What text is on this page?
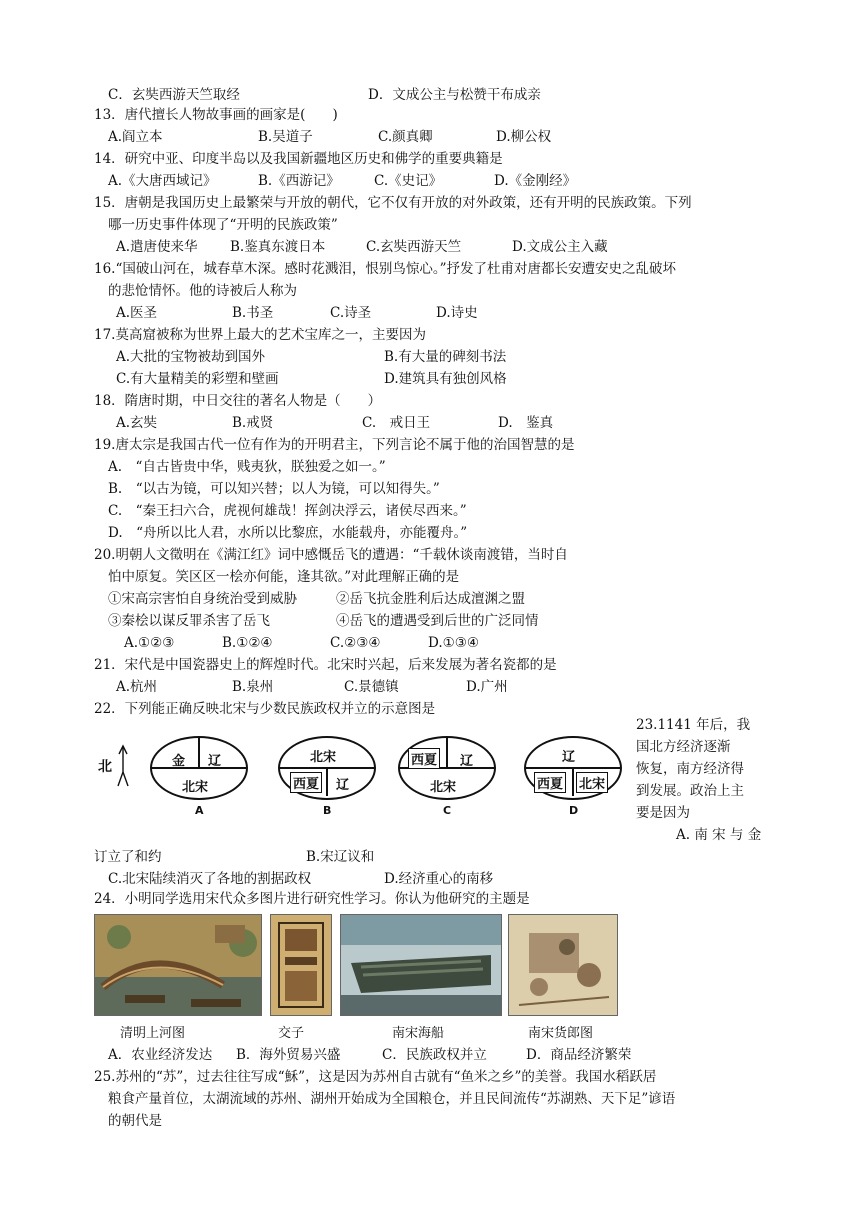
C．玄奘西游天竺取经	D．文成公主与松赞干布成亲
13．唐代擅长人物故事画的画家是(　　)
A.阎立本	B.吴道子	C.颜真卿	D.柳公权
14．研究中亚、印度半岛以及我国新疆地区历史和佛学的重要典籍是
A.《大唐西域记》	B.《西游记》	C.《史记》	D.《金刚经》
15．唐朝是我国历史上最繁荣与开放的朝代，它不仅有开放的对外政策，还有开明的民族政策。下列
哪一历史事件体现了“开明的民族政策”
A.遣唐使来华 B.鉴真东渡日本	C.玄奘西游天竺	D.文成公主入藏
16.“国破山河在，城春草木深。感时花溅泪，恨别鸟惊心。”抒发了杜甫对唐都长安遭安史之乱破坏
的悲怆情怀。他的诗被后人称为
A.医圣	B.书圣	C.诗圣	D.诗史
17.莫高窟被称为世界上最大的艺术宝库之一，主要因为
A.大批的宝物被劫到国外	B.有大量的碑刻书法
C.有大量精美的彩塑和壁画	D.建筑具有独创风格
18．隋唐时期，中日交往的著名人物是（　　）
A.玄奘	B.戒贤	C.　戒日王	D.　鉴真
19.唐太宗是我国古代一位有作为的开明君主，下列言论不属于他的治国智慧的是
A.　“自古皆贵中华，贱夷狄，朕独爱之如一。”
B.　“以古为镜，可以知兴替；以人为镜，可以知得失。”
C.　“秦王扫六合，虎视何雄哉！挥剑决浮云，诸侯尽西来。”
D.　“舟所以比人君，水所以比黎庶，水能载舟，亦能覆舟。”
20.明朝人文徵明在《满江红》词中感慨岳飞的遭遇：“千载休谈南渡错，当时自
怕中原复。笑区区一桧亦何能，逢其欲。”对此理解正确的是
①宋高宗害怕自身统治受到威胁	②岳飞抗金胜利后达成澶渊之盟
③秦桧以谋反罪杀害了岳飞	④岳飞的遭遇受到后世的广泛同情
A.①②③	B.①②④	C.②③④	D.①③④
21．宋代是中国瓷器史上的辉煌时代。北宋时兴起，后来发展为著名瓷都的是
A.杭州	B.泉州	C.景德镇	D.广州
22．下列能正确反映北宋与少数民族政权并立的示意图是
北	金 辽
北宋
A
北宋
西夏 辽
B
西夏 辽
北宋
C
辽
西夏 北宋
D
23.1141 年后，我
国北方经济逐渐
恢复，南方经济得
到发展。政治上主
要是因为
A. 南 宋 与 金
订立了和约	B.宋辽议和
C.北宋陆续消灭了各地的割据政权	D.经济重心的南移
24．小明同学选用宋代众多图片进行研究性学习。你认为他研究的主题是
清明上河图	交子	南宋海船	南宋货郎图
A．农业经济发达 B．海外贸易兴盛	C．民族政权并立	D．商品经济繁荣
25.苏州的“苏”，过去往往写成“穌”，这是因为苏州自古就有“鱼米之乡”的美誉。我国水稻跃居
粮食产量首位，太湖流域的苏州、湖州开始成为全国粮仓，并且民间流传“苏湖熟、天下足”谚语
的朝代是
